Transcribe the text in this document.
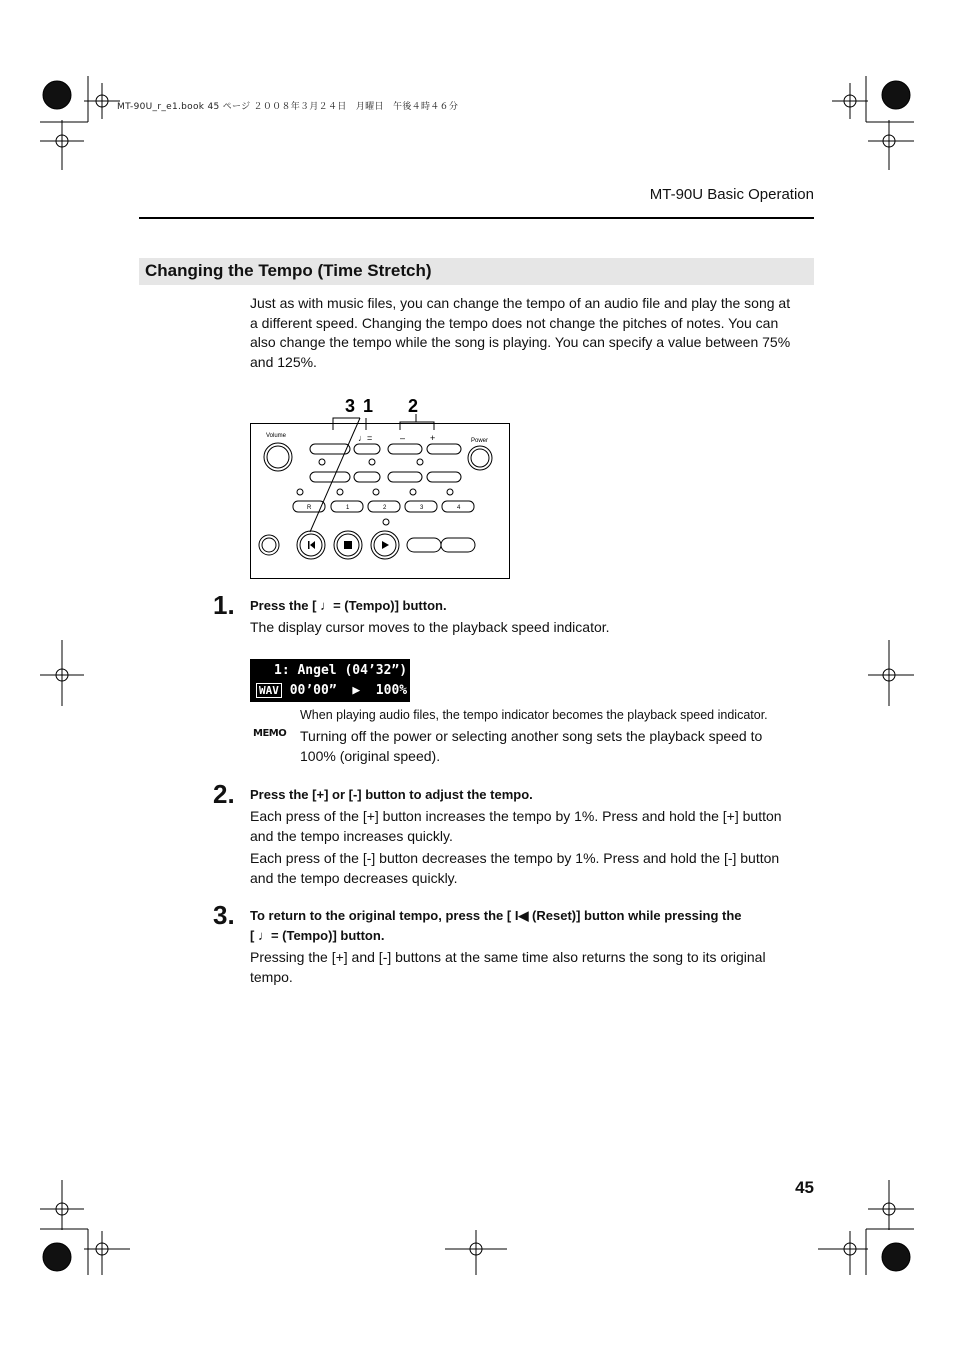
MT-90U_r_e1.book 45 ページ ２００８年３月２４日　月曜日　午後４時４６分
MT-90U Basic Operation
Changing the Tempo (Time Stretch)
Just as with music files, you can change the tempo of an audio file and play the song at a different speed. Changing the tempo does not change the pitches of notes. You can also change the tempo while the song is playing. You can specify a value between 75% and 125%.
3 1 2
Volume
Power
–	+
♩=
R	1	2	3	4
1. Press the [ ♩= (Tempo)] button.
The display cursor moves to the playback speed indicator.
1: Angel (04’32”)
WAV 00’00”  ▶  100%
When playing audio files, the tempo indicator becomes the playback speed indicator.
MEMO Turning off the power or selecting another song sets the playback speed to 100% (original speed).
2. Press the [+] or [-] button to adjust the tempo.
Each press of the [+] button increases the tempo by 1%. Press and hold the [+] button and the tempo increases quickly.
Each press of the [-] button decreases the tempo by 1%. Press and hold the [-] button and the tempo decreases quickly.
3. To return to the original tempo, press the [ I◀ (Reset)] button while pressing the
[ ♩= (Tempo)] button.
Pressing the [+] and [-] buttons at the same time also returns the song to its original tempo.
45
